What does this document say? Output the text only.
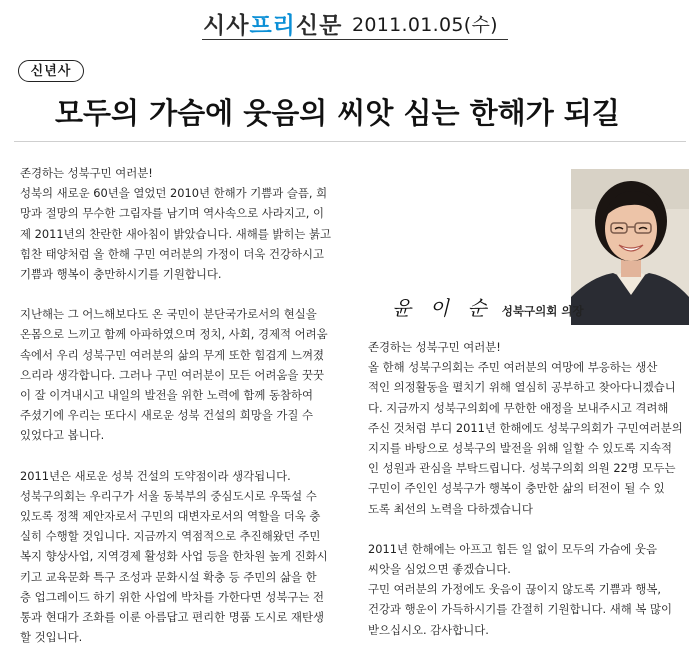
시사프리신문 2011.01.05(수)
신년사
모두의 가슴에 웃음의 씨앗 심는 한해가 되길

존경하는 성북구민 여러분!

성북의 새로운 60년을 열었던 2010년 한해가 기쁨과 슬픔, 희

망과 절망의 무수한 그림자를 남기며 역사속으로 사라지고, 이

제 2011년의 찬란한 새아침이 밝았습니다. 새해를 밝히는 붉고

힘찬 태양처럼 올 한해 구민 여러분의 가정이 더욱 건강하시고

기쁨과 행복이 충만하시기를 기원합니다.

지난해는 그 어느해보다도 온 국민이 분단국가로서의 현실을

온몸으로 느끼고 함께 아파하였으며 정치, 사회, 경제적 어려움

속에서 우리 성북구민 여러분의 삶의 무게 또한 힘겹게 느껴졌

으리라 생각합니다. 그러나 구민 여러분이 모든 어려움을 꿋꿋

이 잘 이겨내시고 내일의 발전을 위한 노력에 함께 동참하여

주셨기에 우리는 또다시 새로운 성북 건설의 희망을 가질 수

있었다고 봅니다.

2011년은 새로운 성북 건설의 도약점이라 생각됩니다.

성북구의회는 우리구가 서울 동북부의 중심도시로 우뚝설 수

있도록 정책 제안자로서 구민의 대변자로서의 역할을 더욱 충

실히 수행할 것입니다. 지금까지 역점적으로 추진해왔던 주민

복지 향상사업, 지역경제 활성화 사업 등을 한차원 높게 진화시

키고 교육문화 특구 조성과 문화시설 확충 등 주민의 삶을 한

층 업그레이드 하기 위한 사업에 박차를 가한다면 성북구는 전

통과 현대가 조화를 이룬 아름답고 편리한 명품 도시로 재탄생

할 것입니다.

윤 이 순 성북구의회 의장

존경하는 성북구민 여러분!

올 한해 성북구의회는 주민 여러분의 여망에 부응하는 생산

적인 의정활동을 펼치기 위해 열심히 공부하고 찾아다니겠습니

다. 지금까지 성북구의회에 무한한 애정을 보내주시고 격려해

주신 것처럼 부디 2011년 한해에도 성북구의회가 구민여러분의

지지를 바탕으로 성북구의 발전을 위해 일할 수 있도록 지속적

인 성원과 관심을 부탁드립니다. 성북구의회 의원 22명 모두는

구민이 주인인 성북구가 행복이 충만한 삶의 터전이 될 수 있

도록 최선의 노력을 다하겠습니다

2011년 한해에는 아프고 힘든 일 없이 모두의 가슴에 웃음

씨앗을 심었으면 좋겠습니다.

구민 여러분의 가정에도 웃음이 끊이지 않도록 기쁨과 행복,

건강과 행운이 가득하시기를 간절히 기원합니다. 새해 복 많이

받으십시오. 감사합니다.
